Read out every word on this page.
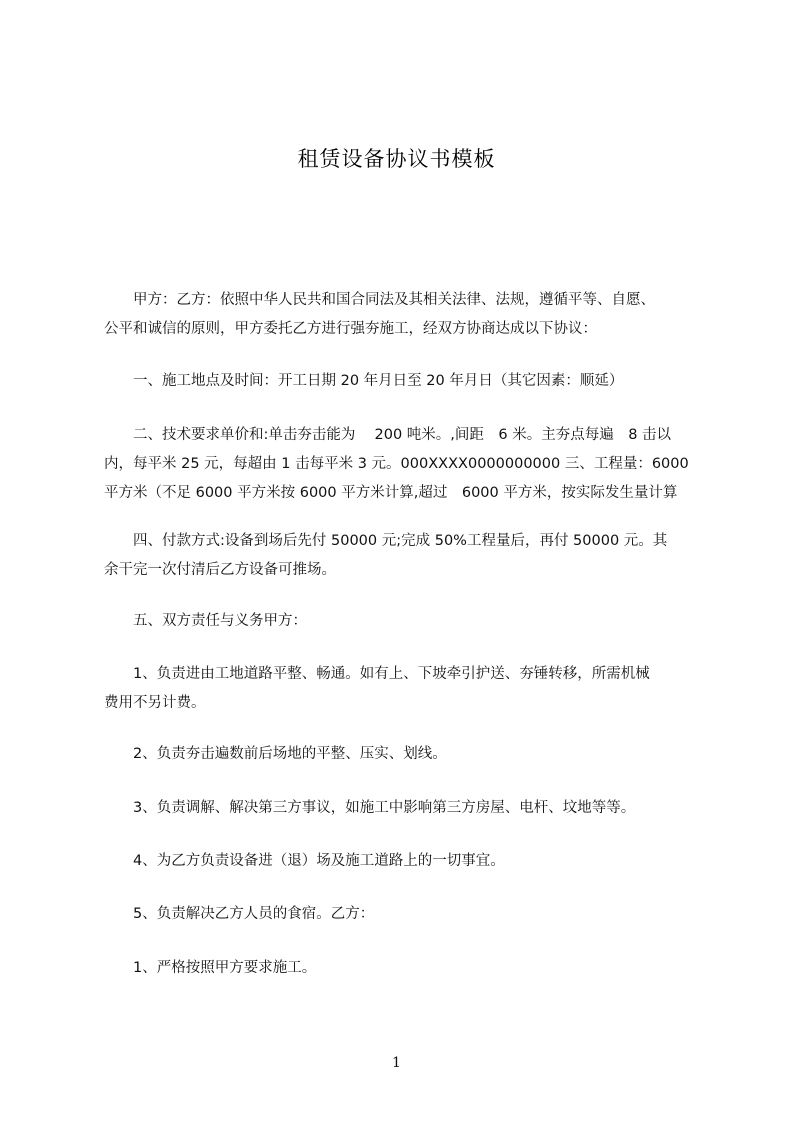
租赁设备协议书模板
　　甲方：乙方：依照中华人民共和国合同法及其相关法律、法规，遵循平等、自愿、
公平和诚信的原则，甲方委托乙方进行强夯施工，经双方协商达成以下协议：
　　一、施工地点及时间：开工日期 20 年月日至 20 年月日（其它因素：顺延）
　　二、技术要求单价和:单击夯击能为　 200 吨米。,间距　6 米。主夯点每遍　8 击以
内，每平米 25 元，每超由 1 击每平米 3 元。000XXXX0000000000 三、工程量：6000
平方米（不足 6000 平方米按 6000 平方米计算,超过　6000 平方米，按实际发生量计算
　　四、付款方式:设备到场后先付 50000 元;完成 50%工程量后，再付 50000 元。其
余干完一次付清后乙方设备可推场。
　　五、双方责任与义务甲方：
　　1、负责进由工地道路平整、畅通。如有上、下坡牵引护送、夯锤转移，所需机械
费用不另计费。
　　2、负责夯击遍数前后场地的平整、压实、划线。
　　3、负责调解、解决第三方事议，如施工中影响第三方房屋、电杆、坟地等等。
　　4、为乙方负责设备进（退）场及施工道路上的一切事宜。
　　5、负责解决乙方人员的食宿。乙方：
　　1、严格按照甲方要求施工。
1
